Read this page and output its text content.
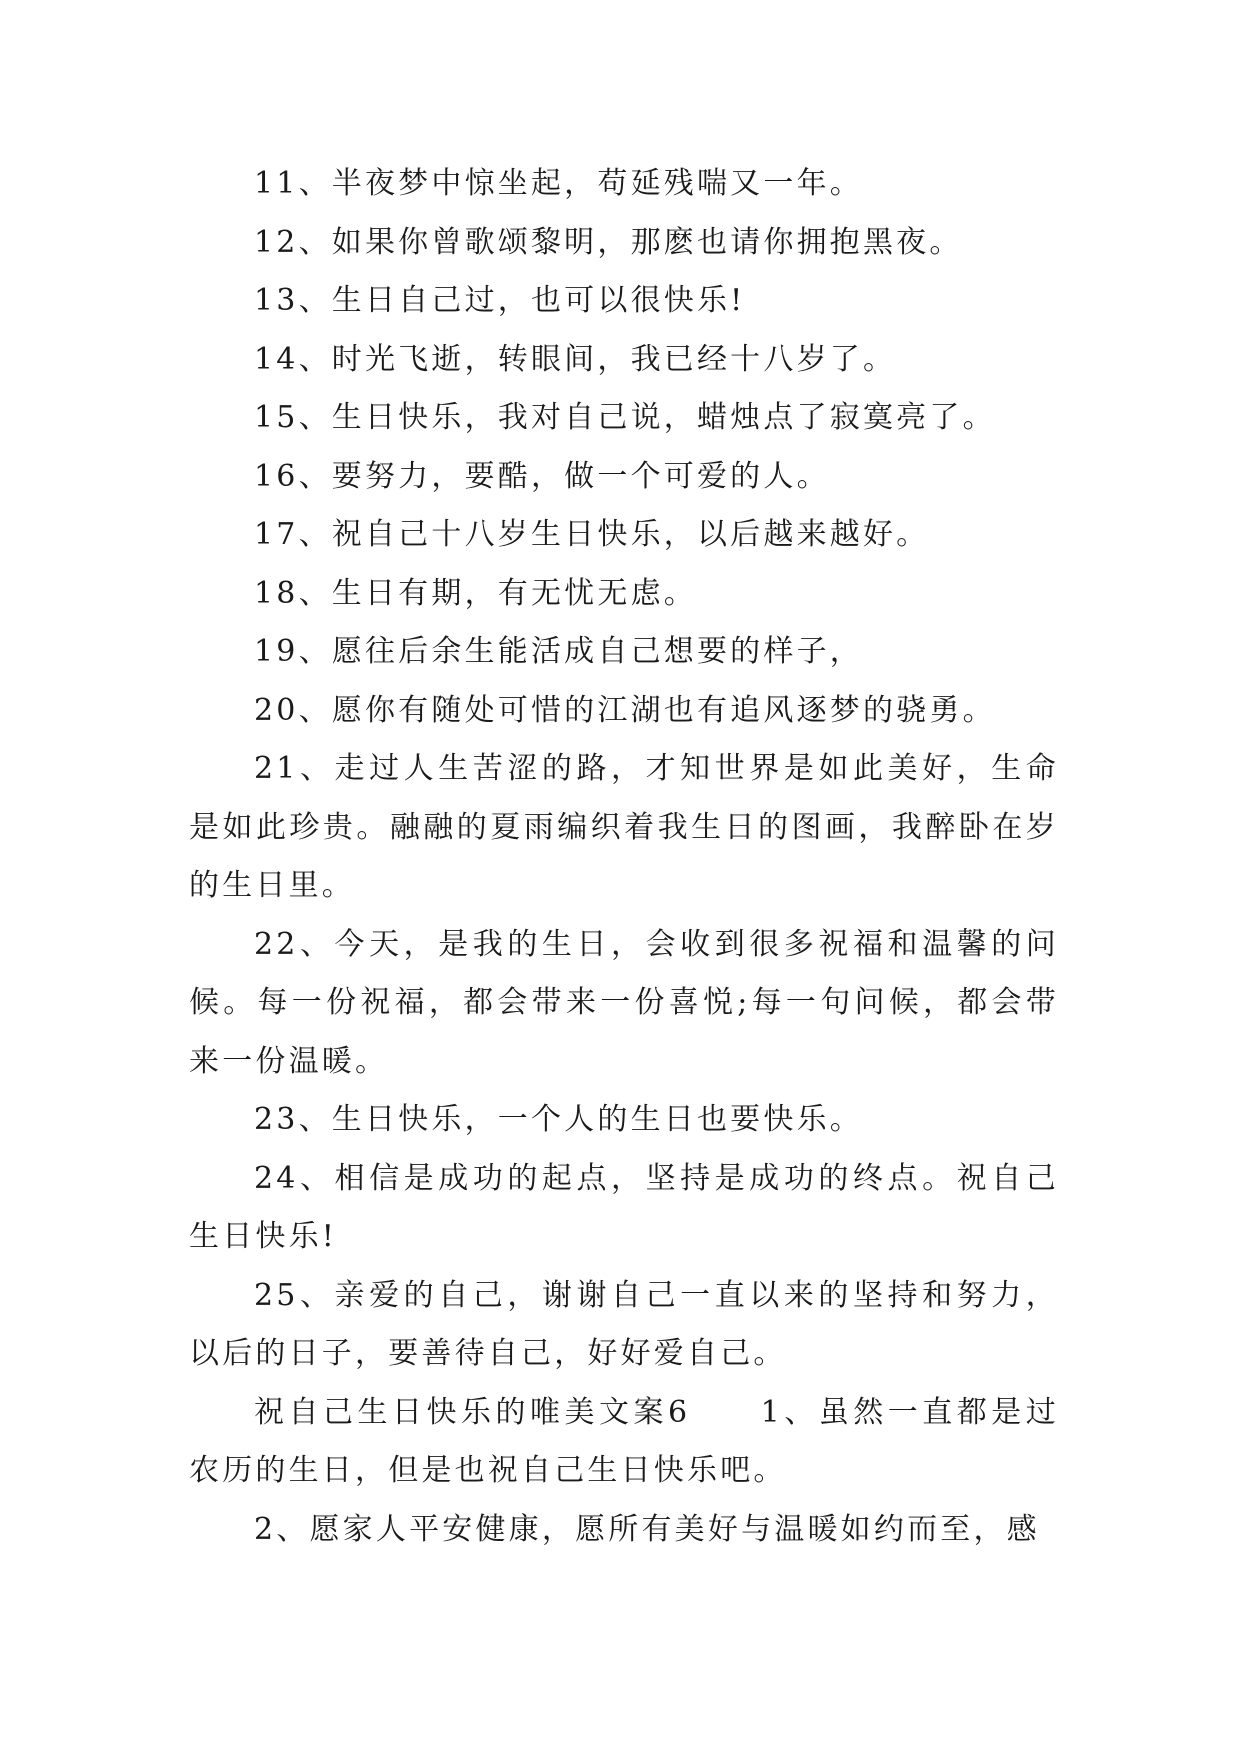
11、半夜梦中惊坐起，苟延残喘又一年。

12、如果你曾歌颂黎明，那麽也请你拥抱黑夜。

13、生日自己过，也可以很快乐!

14、时光飞逝，转眼间，我已经十八岁了。

15、生日快乐，我对自己说，蜡烛点了寂寞亮了。

16、要努力，要酷，做一个可爱的人。

17、祝自己十八岁生日快乐，以后越来越好。

18、生日有期，有无忧无虑。

19、愿往后余生能活成自己想要的样子，

20、愿你有随处可惜的江湖也有追风逐梦的骁勇。

21、走过人生苦涩的路，才知世界是如此美好，生命是如此珍贵。融融的夏雨编织着我生日的图画，我醉卧在岁的生日里。

22、今天，是我的生日，会收到很多祝福和温馨的问候。每一份祝福，都会带来一份喜悦;每一句问候，都会带来一份温暖。

23、生日快乐，一个人的生日也要快乐。

24、相信是成功的起点，坚持是成功的终点。祝自己生日快乐!

25、亲爱的自己，谢谢自己一直以来的坚持和努力，以后的日子，要善待自己，好好爱自己。

祝自己生日快乐的唯美文案6　　1、虽然一直都是过农历的生日，但是也祝自己生日快乐吧。

2、愿家人平安健康，愿所有美好与温暖如约而至，感
